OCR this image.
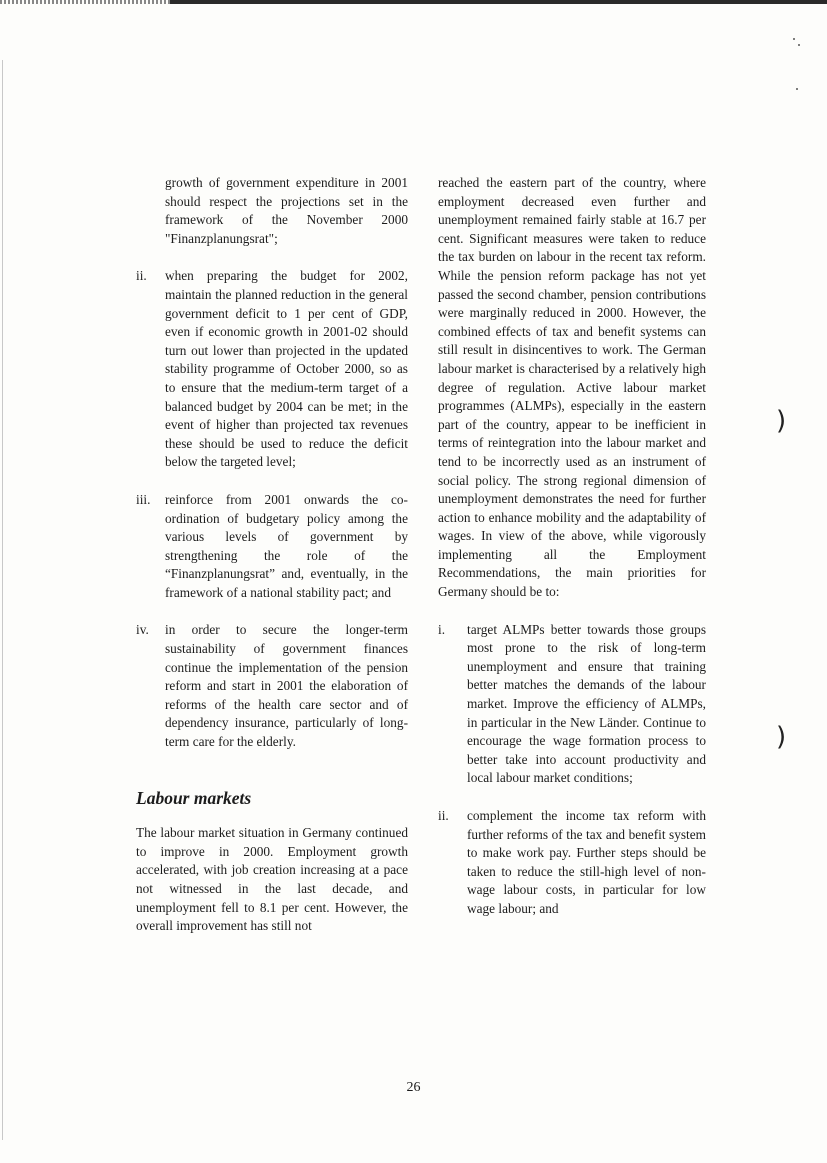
growth of government expenditure in 2001 should respect the projections set in the framework of the November 2000 "Finanzplanungsrat";

ii. when preparing the budget for 2002, maintain the planned reduction in the general government deficit to 1 per cent of GDP, even if economic growth in 2001-02 should turn out lower than projected in the updated stability programme of October 2000, so as to ensure that the medium-term target of a balanced budget by 2004 can be met; in the event of higher than projected tax revenues these should be used to reduce the deficit below the targeted level;
iii. reinforce from 2001 onwards the co-ordination of budgetary policy among the various levels of government by strengthening the role of the “Finanzplanungsrat” and, eventually, in the framework of a national stability pact; and
iv. in order to secure the longer-term sustainability of government finances continue the implementation of the pension reform and start in 2001 the elaboration of reforms of the health care sector and of dependency insurance, particularly of long-term care for the elderly.
Labour markets

The labour market situation in Germany continued to improve in 2000. Employment growth accelerated, with job creation increasing at a pace not witnessed in the last decade, and unemployment fell to 8.1 per cent. However, the overall improvement has still not

reached the eastern part of the country, where employment decreased even further and unemployment remained fairly stable at 16.7 per cent. Significant measures were taken to reduce the tax burden on labour in the recent tax reform. While the pension reform package has not yet passed the second chamber, pension contributions were marginally reduced in 2000. However, the combined effects of tax and benefit systems can still result in disincentives to work. The German labour market is characterised by a relatively high degree of regulation. Active labour market programmes (ALMPs), especially in the eastern part of the country, appear to be inefficient in terms of reintegration into the labour market and tend to be incorrectly used as an instrument of social policy. The strong regional dimension of unemployment demonstrates the need for further action to enhance mobility and the adaptability of wages. In view of the above, while vigorously implementing all the Employment Recommendations, the main priorities for Germany should be to:

i. target ALMPs better towards those groups most prone to the risk of long-term unemployment and ensure that training better matches the demands of the labour market. Improve the efficiency of ALMPs, in particular in the New Länder. Continue to encourage the wage formation process to better take into account productivity and local labour market conditions;
ii. complement the income tax reform with further reforms of the tax and benefit system to make work pay. Further steps should be taken to reduce the still-high level of non-wage labour costs, in particular for low wage labour; and
)
)
26
